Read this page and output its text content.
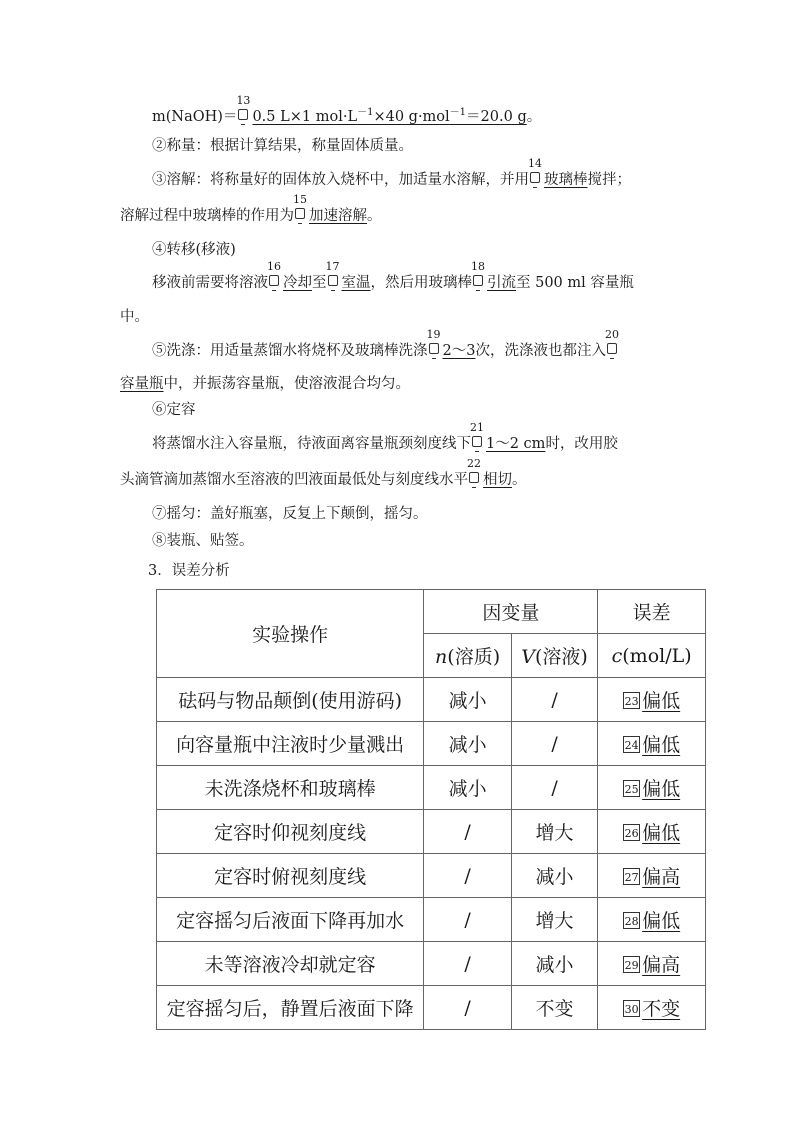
m(NaOH)＝
13
0.5 L×1 $mol\cdot L^{-1}\times 40$ g·mol$^{-1}$＝20.0 g。
②称量：根据计算结果，称量固体质量。
③溶解：将称量好的固体放入烧杯中，加适量水溶解，并用
14
玻璃棒搅拌；
溶解过程中玻璃棒的作用为
15
加速溶解。
④转移(移液)
移液前需要将溶液
16
冷却至
17
室温，然后用玻璃棒
18
引流至 500 ml 容量瓶
中。
⑤洗涤：用适量蒸馏水将烧杯及玻璃棒洗涤
19
2～3次，洗涤液也都注入
20
容量瓶中，并振荡容量瓶，使溶液混合均匀。
⑥定容
将蒸馏水注入容量瓶，待液面离容量瓶颈刻度线下
21
1～2 cm时，改用胶
头滴管滴加蒸馏水至溶液的凹液面最低处与刻度线水平
22
相切。
⑦摇匀：盖好瓶塞，反复上下颠倒，摇匀。
⑧装瓶、贴签。
3．误差分析
实验操作	因变量		误差
	n(溶质)	V(溶液)	c(mol/L)
砝码与物品颠倒(使用游码)	减小	/	23 偏低
向容量瓶中注液时少量溅出	减小	/	24 偏低
未洗涤烧杯和玻璃棒	减小	/	25 偏低
定容时仰视刻度线	/	增大	26 偏低
定容时俯视刻度线	/	减小	27 偏高
定容摇匀后液面下降再加水	/	增大	28 偏低
未等溶液冷却就定容	/	减小	29 偏高
定容摇匀后，静置后液面下降	/	不变	30 不变
